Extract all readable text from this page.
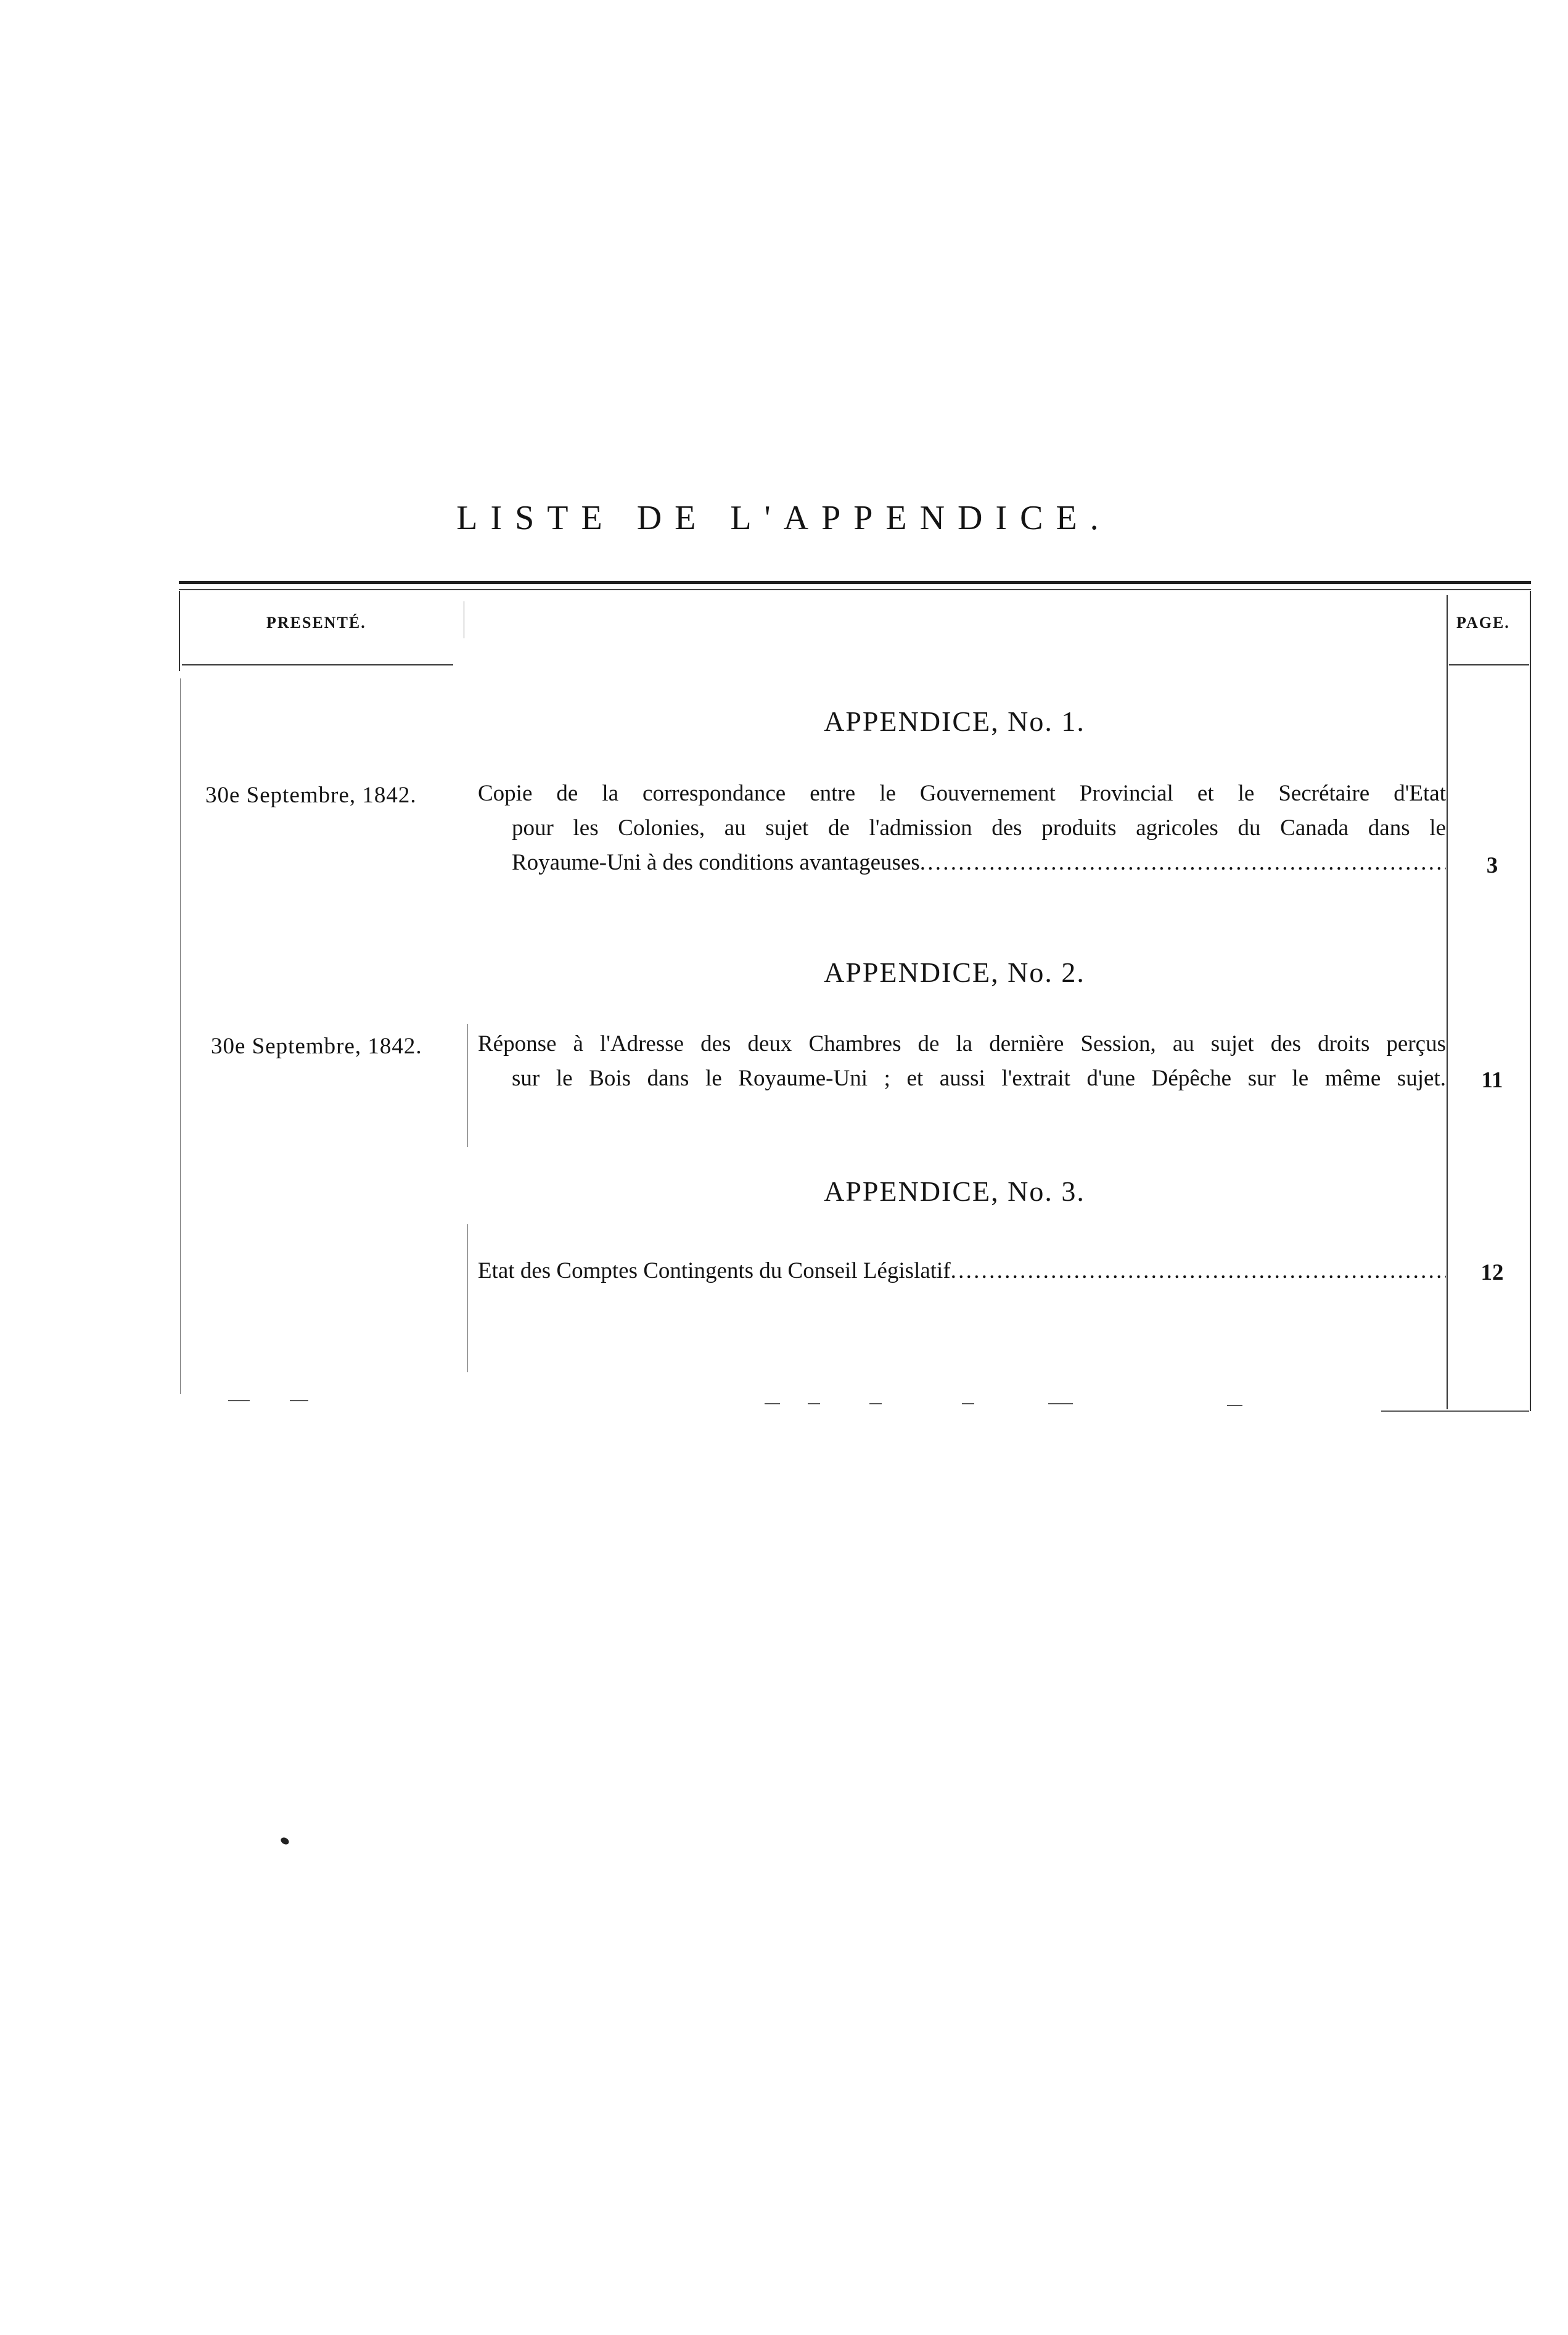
LISTE DE L'APPENDICE.
PRESENTÉ.	PAGE.
APPENDICE, No. 1.
30e Septembre, 1842.	Copie de la correspondance entre le Gouvernement Provincial et le Secrétaire d'Etat
pour les Colonies, au sujet de l'admission des produits agricoles du Canada dans le
Royaume-Uni à des conditions avantageuses . . .	3
APPENDICE, No. 2.
30e Septembre, 1842. Réponse à l'Adresse des deux Chambres de la dernière Session, au sujet des droits perçus
sur le Bois dans le Royaume-Uni ; et aussi l'extrait d'une Dépêche sur le même sujet.	11
APPENDICE, No. 3.
Etat des Comptes Contingents du Conseil Législatif . . .	12
